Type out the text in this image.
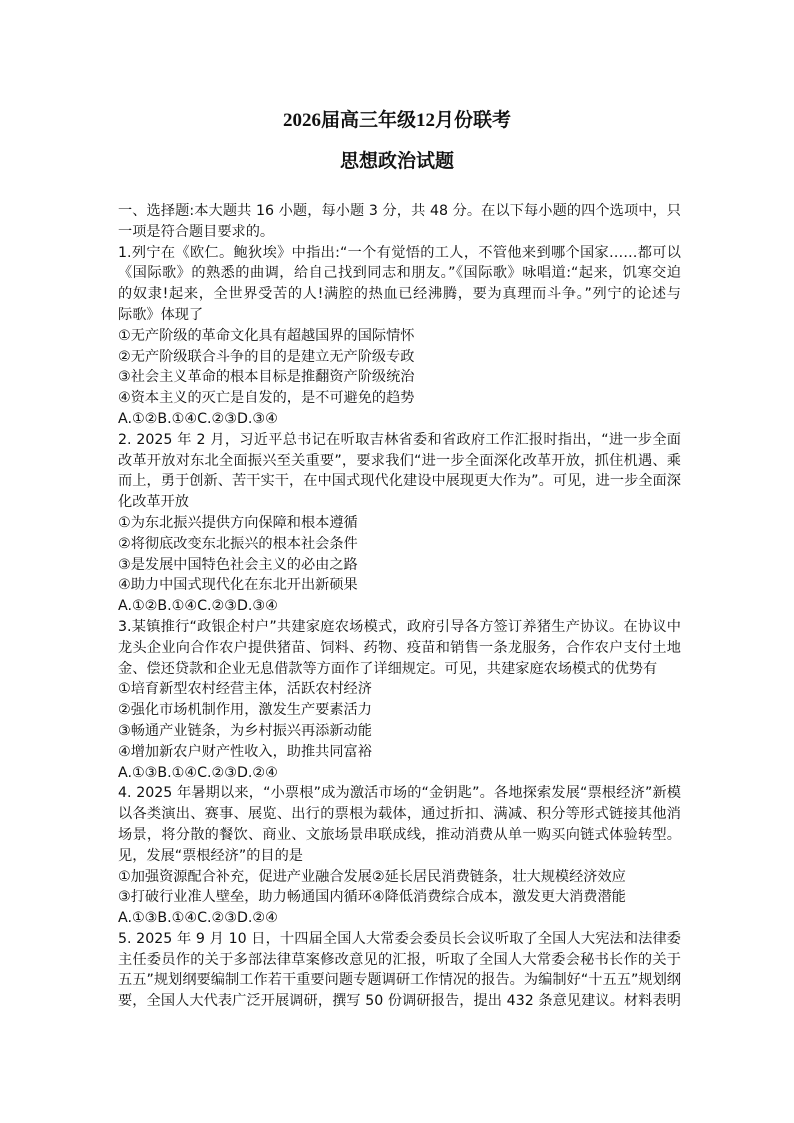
2026届高三年级12月份联考
思想政治试题
一、选择题:本大题共 16 小题，每小题 3 分，共 48 分。在以下每小题的四个选项中，只
一项是符合题目要求的。
1.列宁在《欧仁。鲍狄埃》中指出:“一个有觉悟的工人，不管他来到哪个国家……都可以
《国际歌》的熟悉的曲调，给自己找到同志和朋友。”《国际歌》咏唱道:“起来，饥寒交迫
的奴隶!起来，全世界受苦的人!满腔的热血已经沸腾，要为真理而斗争。”列宁的论述与
际歌》体现了
①无产阶级的革命文化具有超越国界的国际情怀
②无产阶级联合斗争的目的是建立无产阶级专政
③社会主义革命的根本目标是推翻资产阶级统治
④资本主义的灭亡是自发的，是不可避免的趋势
A.①②B.①④C.②③D.③④
2. 2025 年 2 月，习近平总书记在听取吉林省委和省政府工作汇报时指出，“进一步全面
改革开放对东北全面振兴至关重要”，要求我们“进一步全面深化改革开放，抓住机遇、乘
而上，勇于创新、苦干实干，在中国式现代化建设中展现更大作为”。可见，进一步全面深
化改革开放
①为东北振兴提供方向保障和根本遵循
②将彻底改变东北振兴的根本社会条件
③是发展中国特色社会主义的必由之路
④助力中国式现代化在东北开出新硕果
A.①②B.①④C.②③D.③④
3.某镇推行“政银企村户”共建家庭农场模式，政府引导各方签订养猪生产协议。在协议中
龙头企业向合作农户提供猪苗、饲料、药物、疫苗和销售一条龙服务，合作农户支付土地
金、偿还贷款和企业无息借款等方面作了详细规定。可见，共建家庭农场模式的优势有
①培育新型农村经营主体，活跃农村经济
②强化市场机制作用，激发生产要素活力
③畅通产业链条，为乡村振兴再添新动能
④增加新农户财产性收入，助推共同富裕
A.①③B.①④C.②③D.②④
4. 2025 年暑期以来，“小票根”成为激活市场的“金钥匙”。各地探索发展“票根经济”新模
以各类演出、赛事、展览、出行的票根为载体，通过折扣、满减、积分等形式链接其他消
场景，将分散的餐饮、商业、文旅场景串联成线，推动消费从单一购买向链式体验转型。
见，发展“票根经济”的目的是
①加强资源配合补充，促进产业融合发展②延长居民消费链条，壮大规模经济效应
③打破行业准人壁垒，助力畅通国内循环④降低消费综合成本，激发更大消费潜能
A.①③B.①④C.②③D.②④
5. 2025 年 9 月 10 日，十四届全国人大常委会委员长会议听取了全国人大宪法和法律委
主任委员作的关于多部法律草案修改意见的汇报，听取了全国人大常委会秘书长作的关于
五五”规划纲要编制工作若干重要问题专题调研工作情况的报告。为编制好“十五五”规划纲
要，全国人大代表广泛开展调研，撰写 50 份调研报告，提出 432 条意见建议。材料表明
